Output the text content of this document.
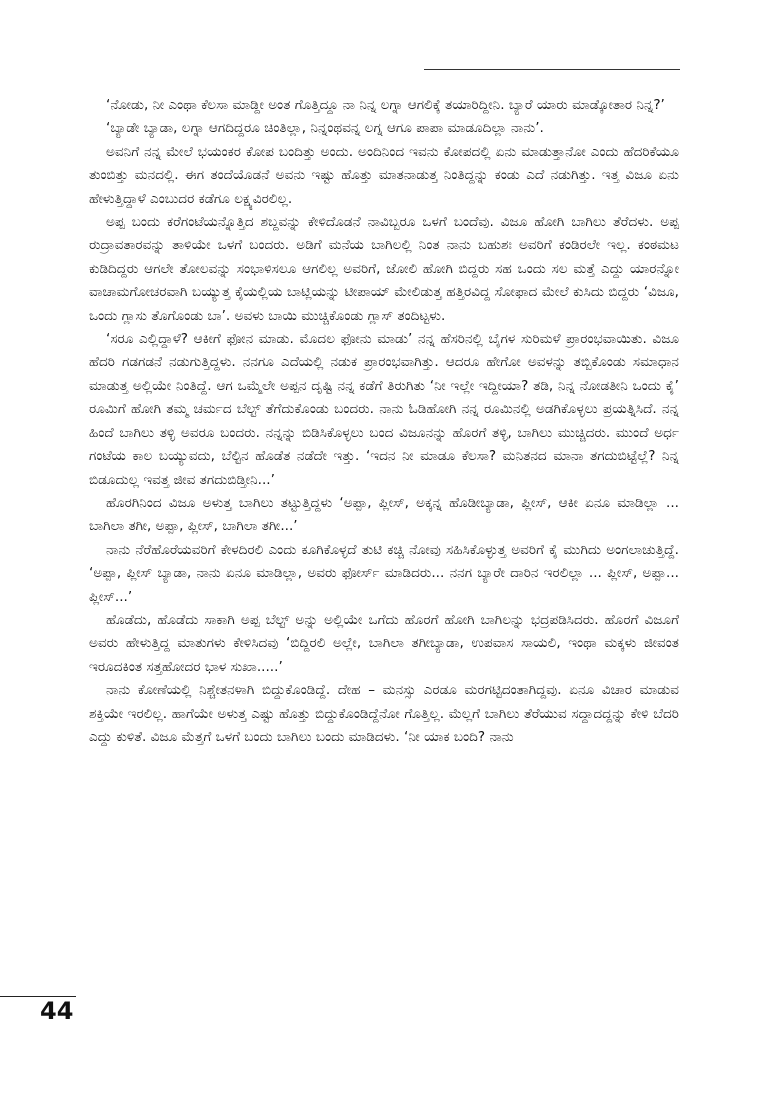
‘ನೋಡು, ನೀ ಎಂಥಾ ಕೆಲಸಾ ಮಾಡ್ದೀ ಅಂತ ಗೊತ್ತಿದ್ದೂ ನಾ ನಿನ್ನ ಲಗ್ನಾ ಆಗಲಿಕ್ಕೆ ತಯಾರಿದ್ದೀನಿ. ಬ್ಯಾರೆ ಯಾರು ಮಾಡ್ಕೋತಾರ ನಿನ್ನ?’

‘ಬ್ಯಾಡೇ ಬ್ಯಾಡಾ, ಲಗ್ನಾ ಆಗದಿದ್ದರೂ ಚಿಂತಿಲ್ಲಾ, ನಿನ್ನಂಥವನ್ನ ಲಗ್ನ ಆಗೂ ಪಾಪಾ ಮಾಡೂದಿಲ್ಲಾ ನಾನು’.

ಅವನಿಗೆ ನನ್ನ ಮೇಲೆ ಭಯಂಕರ ಕೋಪ ಬಂದಿತ್ತು ಅಂದು. ಅಂದಿನಿಂದ ಇವನು ಕೋಪದಲ್ಲಿ ಏನು ಮಾಡುತ್ತಾನೋ ಎಂದು ಹೆದರಿಕೆಯೂ ತುಂಬಿತ್ತು ಮನದಲ್ಲಿ. ಈಗ ತಂದೆಯೊಡನೆ ಅವನು ಇಷ್ಟು ಹೊತ್ತು ಮಾತನಾಡುತ್ತ ನಿಂತಿದ್ದನ್ನು ಕಂಡು ಎದೆ ನಡುಗಿತ್ತು. ಇತ್ತ ವಿಜೂ ಏನು ಹೇಳುತ್ತಿದ್ದಾಳೆ ಎಂಬುದರ ಕಡೆಗೂ ಲಕ್ಷ್ಯವಿರಲಿಲ್ಲ.

ಅಪ್ಪ ಬಂದು ಕರೆಗಂಟೆಯನ್ನೊತ್ತಿದ ಶಬ್ದವನ್ನು ಕೇಳಿದೊಡನೆ ನಾವಿಬ್ಬರೂ ಒಳಗೆ ಬಂದೆವು. ವಿಜೂ ಹೋಗಿ ಬಾಗಿಲು ತೆರೆದಳು. ಅಪ್ಪ ರುದ್ರಾವತಾರವನ್ನು ತಾಳಿಯೇ ಒಳಗೆ ಬಂದರು. ಅಡಿಗೆ ಮನೆಯ ಬಾಗಿಲಲ್ಲಿ ನಿಂತ ನಾನು ಬಹುಶಃ ಅವರಿಗೆ ಕಂಡಿರಲೇ ಇಲ್ಲ. ಕಂಠಮಟ ಕುಡಿದಿದ್ದರು ಆಗಲೇ ತೋಲವನ್ನು ಸಂಭಾಳಿಸಲೂ ಆಗಲಿಲ್ಲ ಅವರಿಗೆ, ಜೋಲಿ ಹೋಗಿ ಬಿದ್ದರು ಸಹ ಒಂದು ಸಲ ಮತ್ತೆ ಎದ್ದು ಯಾರನ್ನೋ ವಾಚಾಮಗೋಚರವಾಗಿ ಬಯ್ಯುತ್ತ ಕೈಯಲ್ಲಿಯ ಬಾಟ್ಲಿಯನ್ನು ಟೀಪಾಯ್ ಮೇಲಿಡುತ್ತ ಹತ್ತಿರವಿದ್ದ ಸೋಫಾದ ಮೇಲೆ ಕುಸಿದು ಬಿದ್ದರು ‘ವಿಜೂ, ಒಂದು ಗ್ಲಾಸು ತೊಗೊಂಡು ಬಾ’. ಅವಳು ಬಾಯಿ ಮುಚ್ಚಿಕೊಂಡು ಗ್ಲಾಸ್ ತಂದಿಟ್ಟಳು.

‘ಸರೂ ಎಲ್ಲಿದ್ದಾಳೆ? ಆಕೀಗೆ ಫೋನ ಮಾಡು. ಮೊದಲ ಫೋನು ಮಾಡು’ ನನ್ನ ಹೆಸರಿನಲ್ಲಿ ಬೈಗಳ ಸುರಿಮಳೆ ಪ್ರಾರಂಭವಾಯಿತು. ವಿಜೂ ಹೆದರಿ ಗಡಗಡನೆ ನಡುಗುತ್ತಿದ್ದಳು. ನನಗೂ ಎದೆಯಲ್ಲಿ ನಡುಕ ಪ್ರಾರಂಭವಾಗಿತ್ತು. ಆದರೂ ಹೇಗೋ ಅವಳನ್ನು ತಬ್ಬಿಕೊಂಡು ಸಮಾಧಾನ ಮಾಡುತ್ತ ಅಲ್ಲಿಯೇ ನಿಂತಿದ್ದೆ. ಆಗ ಒಮ್ಮೆಲೇ ಅಪ್ಪನ ದೃಷ್ಟಿ ನನ್ನ ಕಡೆಗೆ ತಿರುಗಿತು ‘ನೀ ಇಲ್ಲೇ ಇದ್ದೀಯಾ? ತಡಿ, ನಿನ್ನ ನೋಡತೀನಿ ಒಂದು ಕೈ’ ರೂಮಿಗೆ ಹೋಗಿ ತಮ್ಮ ಚರ್ಮದ ಬೆಲ್ಟ್ ತೆಗೆದುಕೊಂಡು ಬಂದರು. ನಾನು ಓಡಿಹೋಗಿ ನನ್ನ ರೂಮಿನಲ್ಲಿ ಅಡಗಿಕೊಳ್ಳಲು ಪ್ರಯತ್ನಿಸಿದೆ. ನನ್ನ ಹಿಂದೆ ಬಾಗಿಲು ತಳ್ಳಿ ಅವರೂ ಬಂದರು. ನನ್ನನ್ನು ಬಿಡಿಸಿಕೊಳ್ಳಲು ಬಂದ ವಿಜೂನನ್ನು ಹೊರಗೆ ತಳ್ಳಿ, ಬಾಗಿಲು ಮುಚ್ಚಿದರು. ಮುಂದೆ ಅರ್ಧ ಗಂಟೆಯ ಕಾಲ ಬಯ್ಯುವದು, ಬೆಲ್ಟಿನ ಹೊಡೆತ ನಡೆದೇ ಇತ್ತು. ‘ಇದನ ನೀ ಮಾಡೂ ಕೆಲಸಾ? ಮನಿತನದ ಮಾನಾ ತಗದುಬಿಟ್ಟೆಲ್ಲೆ? ನಿನ್ನ ಬಿಡೂದುಲ್ಲ ಇವತ್ತ ಜೀವ ತಗದುಬಿಡ್ತೀನಿ...’

ಹೊರಗಿನಿಂದ ವಿಜೂ ಅಳುತ್ತ ಬಾಗಿಲು ತಟ್ಟುತ್ತಿದ್ದಳು ‘ಅಪ್ಪಾ, ಪ್ಲೀಸ್, ಅಕ್ಕನ್ನ ಹೊಡೀಬ್ಯಾಡಾ, ಪ್ಲೀಸ್, ಆಕೀ ಏನೂ ಮಾಡಿಲ್ಲಾ ... ಬಾಗಿಲಾ ತಗೀ, ಅಪ್ಪಾ, ಪ್ಲೀಸ್, ಬಾಗಿಲಾ ತಗೀ...’

ನಾನು ನೆರೆಹೊರೆಯವರಿಗೆ ಕೇಳದಿರಲಿ ಎಂದು ಕೂಗಿಕೊಳ್ಳದೆ ತುಟಿ ಕಚ್ಚಿ ನೋವು ಸಹಿಸಿಕೊಳ್ಳುತ್ತ ಅವರಿಗೆ ಕೈ ಮುಗಿದು ಅಂಗಲಾಚುತ್ತಿದ್ದೆ. ‘ಅಪ್ಪಾ, ಪ್ಲೀಸ್ ಬ್ಯಾಡಾ, ನಾನು ಏನೂ ಮಾಡಿಲ್ಲಾ, ಅವರು ಫೋರ್ಸ್ ಮಾಡಿದರು... ನನಗ ಬ್ಯಾರೇ ದಾರಿನ ಇರಲಿಲ್ಲಾ ... ಪ್ಲೀಸ್, ಅಪ್ಪಾ... ಪ್ಲೀಸ್...’

ಹೊಡೆದು, ಹೊಡೆದು ಸಾಕಾಗಿ ಅಪ್ಪ ಬೆಲ್ಟ್ ಅನ್ನು ಅಲ್ಲಿಯೇ ಒಗೆದು ಹೊರಗೆ ಹೋಗಿ ಬಾಗಿಲನ್ನು ಭದ್ರಪಡಿಸಿದರು. ಹೊರಗೆ ವಿಜೂಗೆ ಅವರು ಹೇಳುತ್ತಿದ್ದ ಮಾತುಗಳು ಕೇಳಿಸಿದವು ‘ಬಿದ್ದಿರಲಿ ಅಲ್ಲೇ, ಬಾಗಿಲಾ ತಗೀಬ್ಯಾಡಾ, ಉಪವಾಸ ಸಾಯಲಿ, ಇಂಥಾ ಮಕ್ಕಳು ಜೀವಂತ ಇರೂದಕಿಂತ ಸತ್ತಹೋದರ ಭಾಳ ಸುಖಾ.....’

ನಾನು ಕೋಣೆಯಲ್ಲಿ ನಿಶ್ಚೇತನಳಾಗಿ ಬಿದ್ದುಕೊಂಡಿದ್ದೆ. ದೇಹ – ಮನಸ್ಸು ಎರಡೂ ಮರಗಟ್ಟಿದಂತಾಗಿದ್ದವು. ಏನೂ ವಿಚಾರ ಮಾಡುವ ಶಕ್ತಿಯೇ ಇರಲಿಲ್ಲ. ಹಾಗೆಯೇ ಅಳುತ್ತ ಎಷ್ಟು ಹೊತ್ತು ಬಿದ್ದುಕೊಂಡಿದ್ದೆನೋ ಗೊತ್ತಿಲ್ಲ. ಮೆಲ್ಲಗೆ ಬಾಗಿಲು ತೆರೆಯುವ ಸದ್ದಾದದ್ದನ್ನು ಕೇಳಿ ಬೆದರಿ ಎದ್ದು ಕುಳಿತೆ. ವಿಜೂ ಮೆತ್ತಗೆ ಒಳಗೆ ಬಂದು ಬಾಗಿಲು ಬಂದು ಮಾಡಿದಳು. ‘ನೀ ಯಾಕ ಬಂದಿ? ನಾನು

44
